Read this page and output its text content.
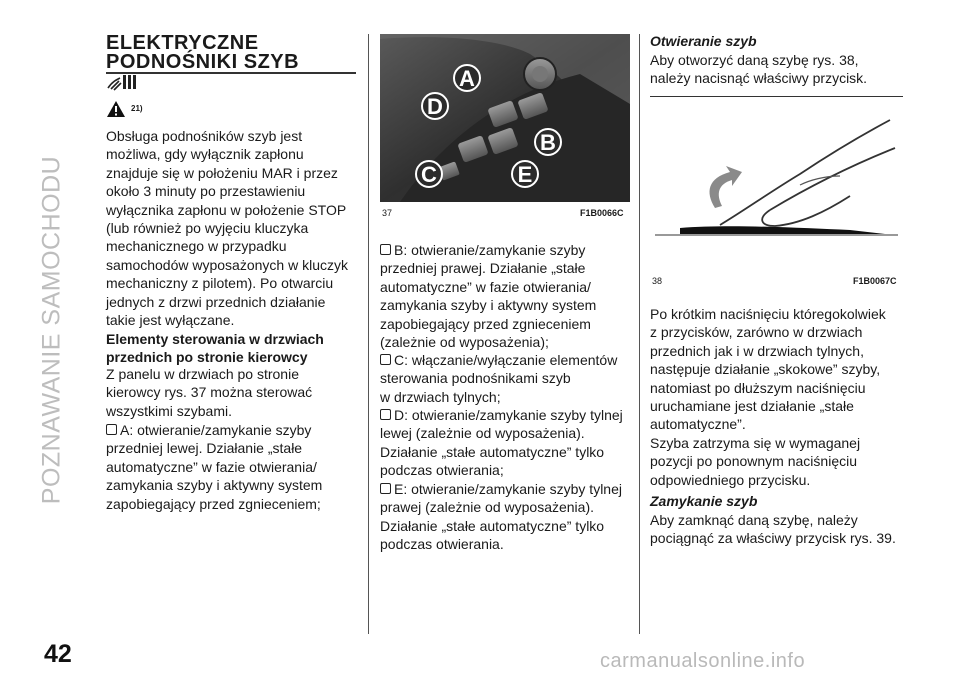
POZNAWANIE SAMOCHODU
42
ELEKTRYCZNE
PODNOŚNIKI SZYB
21)

Obsługa podnośników szyb jest

możliwa, gdy wyłącznik zapłonu

znajduje się w położeniu MAR i przez

około 3 minuty po przestawieniu

wyłącznika zapłonu w położenie STOP

(lub również po wyjęciu kluczyka

mechanicznego w przypadku

samochodów wyposażonych w kluczyk

mechaniczny z pilotem). Po otwarciu

jednych z drzwi przednich działanie

takie jest wyłączane.

Elementy sterowania w drzwiach

przednich po stronie kierowcy

Z panelu w drzwiach po stronie

kierowcy rys. 37 można sterować

wszystkimi szybami.

A: otwieranie/zamykanie szyby

przedniej lewej. Działanie „stałe

automatyczne” w fazie otwierania/

zamykania szyby i aktywny system

zapobiegający przed zgnieceniem;

A
B
C
D
E
37	F1B0066C

B: otwieranie/zamykanie szyby

przedniej prawej. Działanie „stałe

automatyczne” w fazie otwierania/

zamykania szyby i aktywny system

zapobiegający przed zgnieceniem

(zależnie od wyposażenia);

C: włączanie/wyłączanie elementów

sterowania podnośnikami szyb

w drzwiach tylnych;

D: otwieranie/zamykanie szyby tylnej

lewej (zależnie od wyposażenia).

Działanie „stałe automatyczne” tylko

podczas otwierania;

E: otwieranie/zamykanie szyby tylnej

prawej (zależnie od wyposażenia).

Działanie „stałe automatyczne” tylko

podczas otwierania.

Otwieranie szyb

Aby otworzyć daną szybę rys. 38,

należy nacisnąć właściwy przycisk.

38	F1B0067C

Po krótkim naciśnięciu któregokolwiek

z przycisków, zarówno w drzwiach

przednich jak i w drzwiach tylnych,

następuje działanie „skokowe” szyby,

natomiast po dłuższym naciśnięciu

uruchamiane jest działanie „stałe

automatyczne”.

Szyba zatrzyma się w wymaganej

pozycji po ponownym naciśnięciu

odpowiedniego przycisku.

Zamykanie szyb

Aby zamknąć daną szybę, należy

pociągnąć za właściwy przycisk rys. 39.

carmanualsonline.info
